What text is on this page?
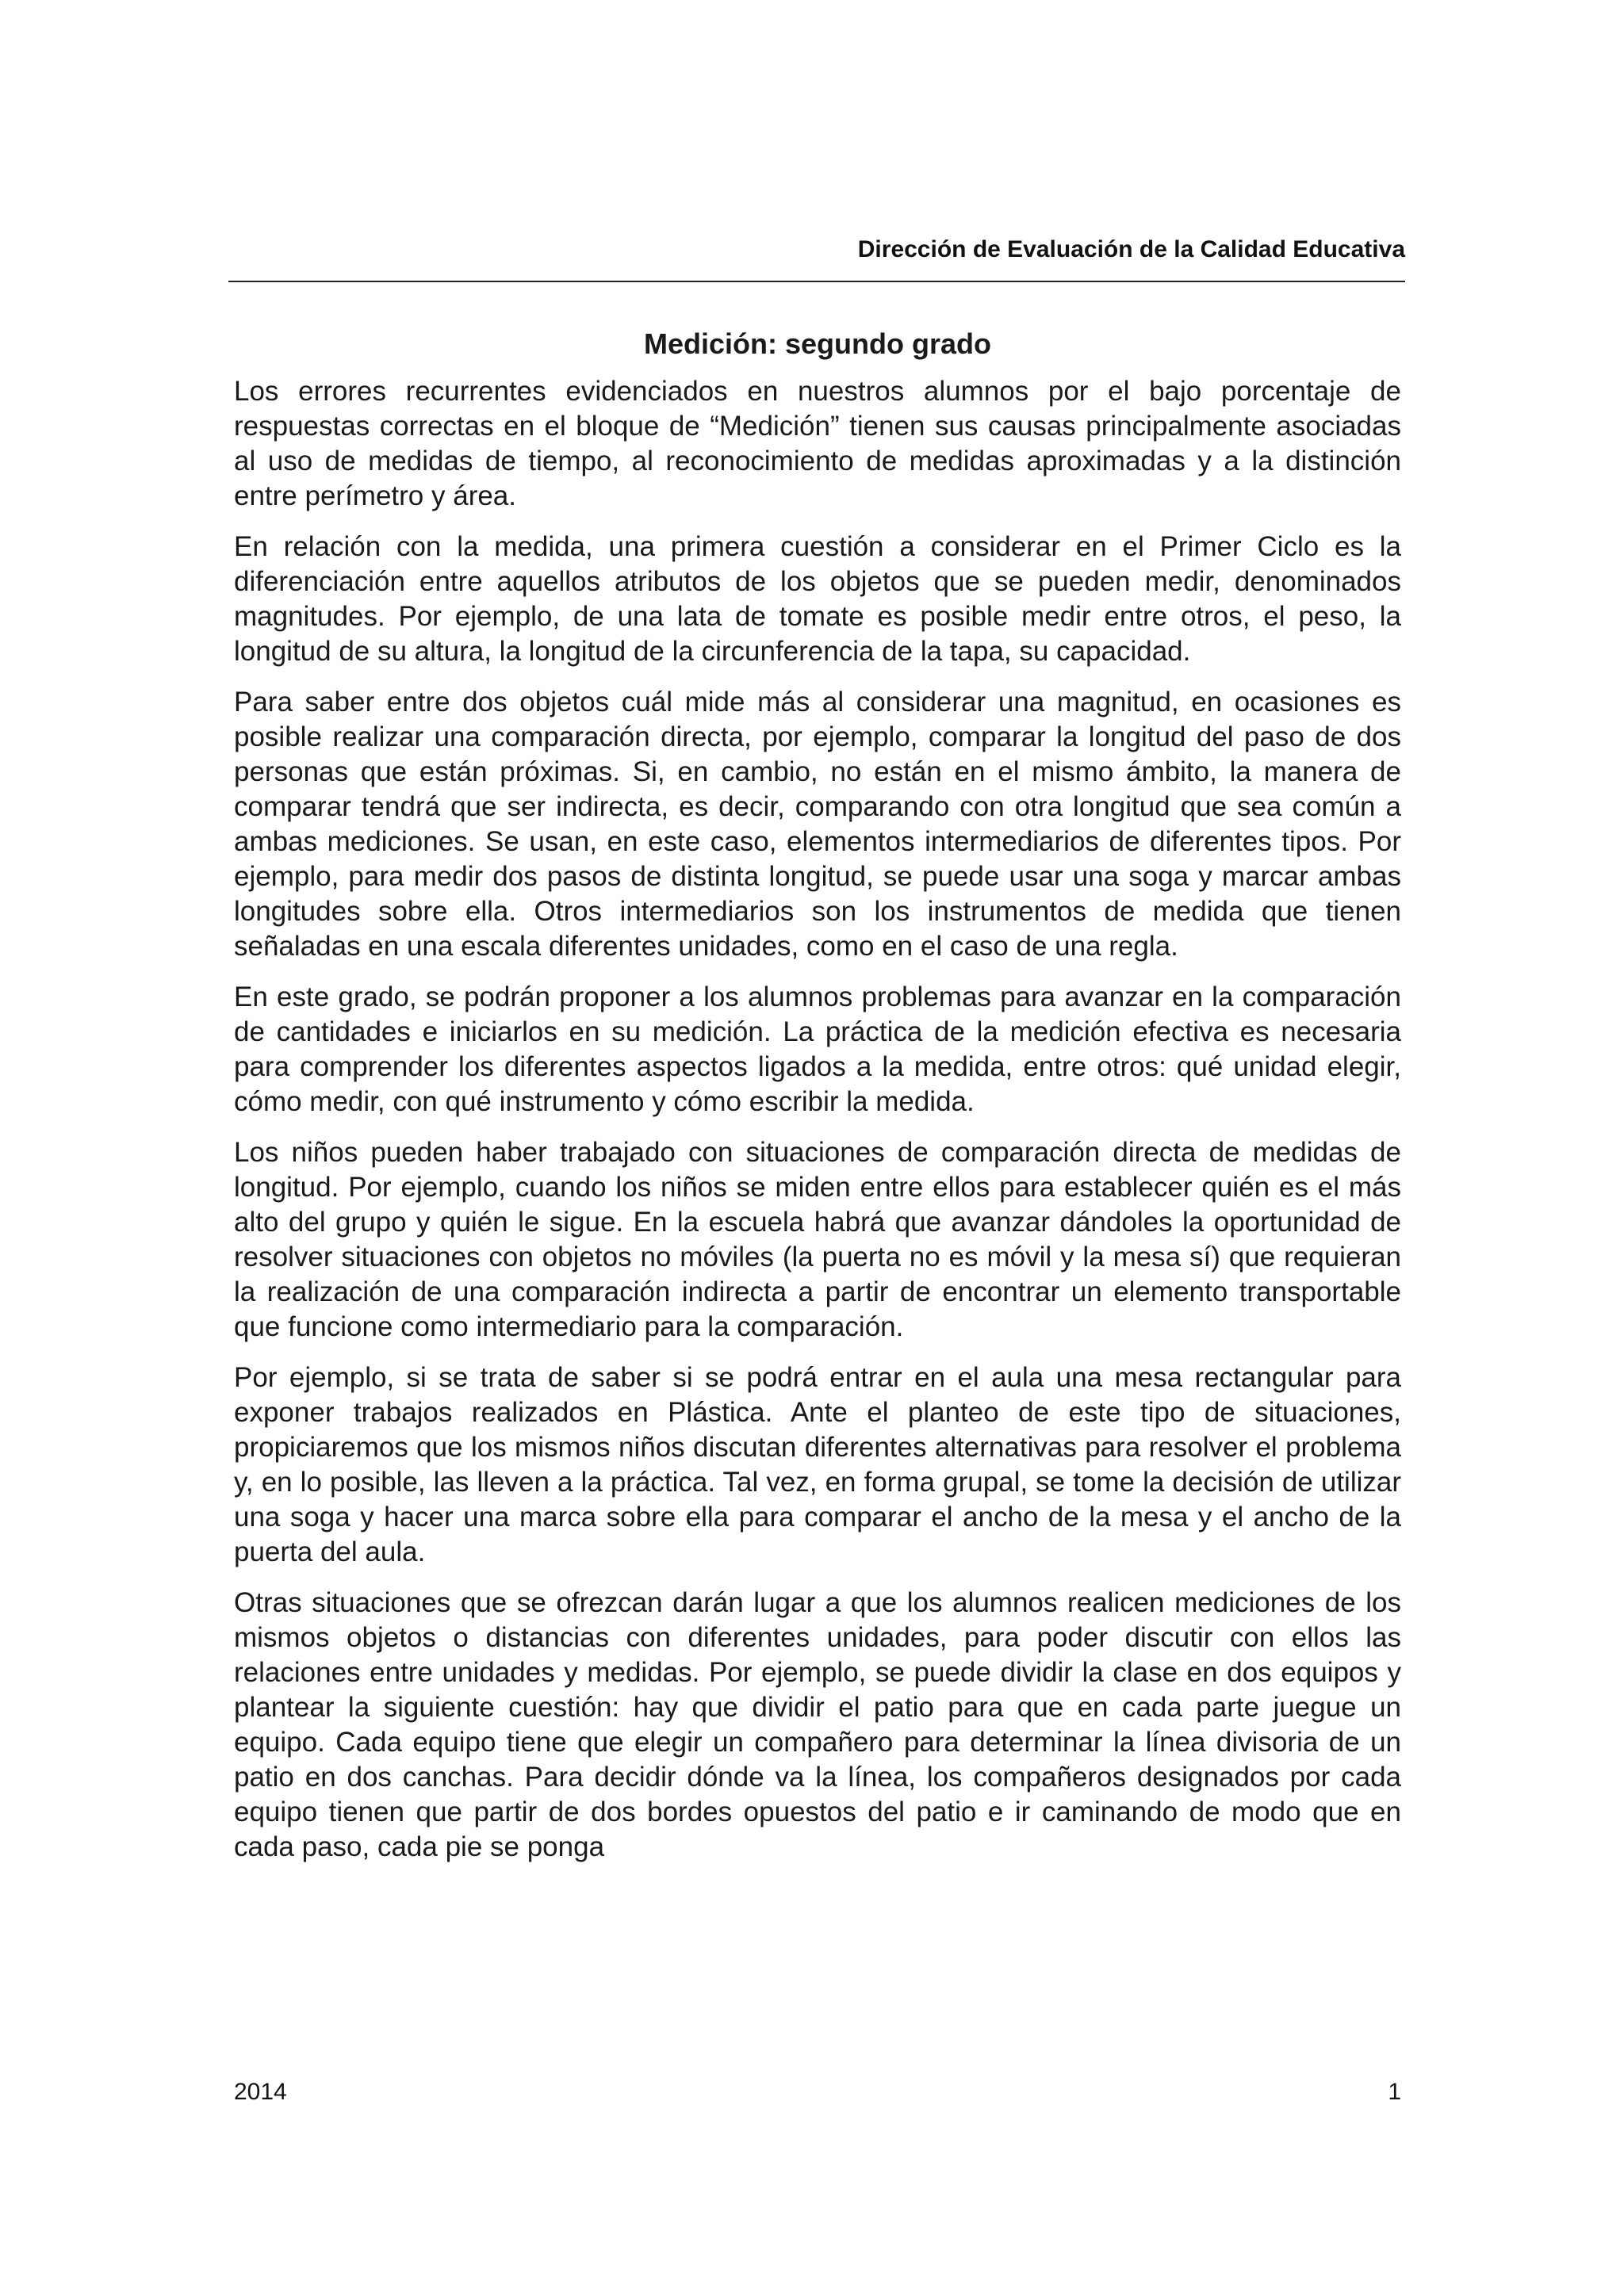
Dirección de Evaluación de la Calidad Educativa
Medición: segundo grado

Los errores recurrentes evidenciados en nuestros alumnos por el bajo porcentaje de respuestas correctas en el bloque de “Medición” tienen sus causas principalmente asociadas al uso de medidas de tiempo, al reconocimiento de medidas aproximadas y a la distinción entre perímetro y área.

En relación con la medida, una primera cuestión a considerar en el Primer Ciclo es la diferenciación entre aquellos atributos de los objetos que se pueden medir, denominados magnitudes. Por ejemplo, de una lata de tomate es posible medir entre otros, el peso, la longitud de su altura, la longitud de la circunferencia de la tapa, su capacidad.

Para saber entre dos objetos cuál mide más al considerar una magnitud, en ocasiones es posible realizar una comparación directa, por ejemplo, comparar la longitud del paso de dos personas que están próximas. Si, en cambio, no están en el mismo ámbito, la manera de comparar tendrá que ser indirecta, es decir, comparando con otra longitud que sea común a ambas mediciones. Se usan, en este caso, elementos intermediarios de diferentes tipos. Por ejemplo, para medir dos pasos de distinta longitud, se puede usar una soga y marcar ambas longitudes sobre ella. Otros intermediarios son los instrumentos de medida que tienen señaladas en una escala diferentes unidades, como en el caso de una regla.

En este grado, se podrán proponer a los alumnos problemas para avanzar en la comparación de cantidades e iniciarlos en su medición. La práctica de la medición efectiva es necesaria para comprender los diferentes aspectos ligados a la medida, entre otros: qué unidad elegir, cómo medir, con qué instrumento y cómo escribir la medida.

Los niños pueden haber trabajado con situaciones de comparación directa de medidas de longitud. Por ejemplo, cuando los niños se miden entre ellos para establecer quién es el más alto del grupo y quién le sigue. En la escuela habrá que avanzar dándoles la oportunidad de resolver situaciones con objetos no móviles (la puerta no es móvil y la mesa sí) que requieran la realización de una comparación indirecta a partir de encontrar un elemento transportable que funcione como intermediario para la comparación.

Por ejemplo, si se trata de saber si se podrá entrar en el aula una mesa rectangular para exponer trabajos realizados en Plástica. Ante el planteo de este tipo de situaciones, propiciaremos que los mismos niños discutan diferentes alternativas para resolver el problema y, en lo posible, las lleven a la práctica. Tal vez, en forma grupal, se tome la decisión de utilizar una soga y hacer una marca sobre ella para comparar el ancho de la mesa y el ancho de la puerta del aula.

Otras situaciones que se ofrezcan darán lugar a que los alumnos realicen mediciones de los mismos objetos o distancias con diferentes unidades, para poder discutir con ellos las relaciones entre unidades y medidas. Por ejemplo, se puede dividir la clase en dos equipos y plantear la siguiente cuestión: hay que dividir el patio para que en cada parte juegue un equipo. Cada equipo tiene que elegir un compañero para determinar la línea divisoria de un patio en dos canchas. Para decidir dónde va la línea, los compañeros designados por cada equipo tienen que partir de dos bordes opuestos del patio e ir caminando de modo que en cada paso, cada pie se ponga

2014	1
